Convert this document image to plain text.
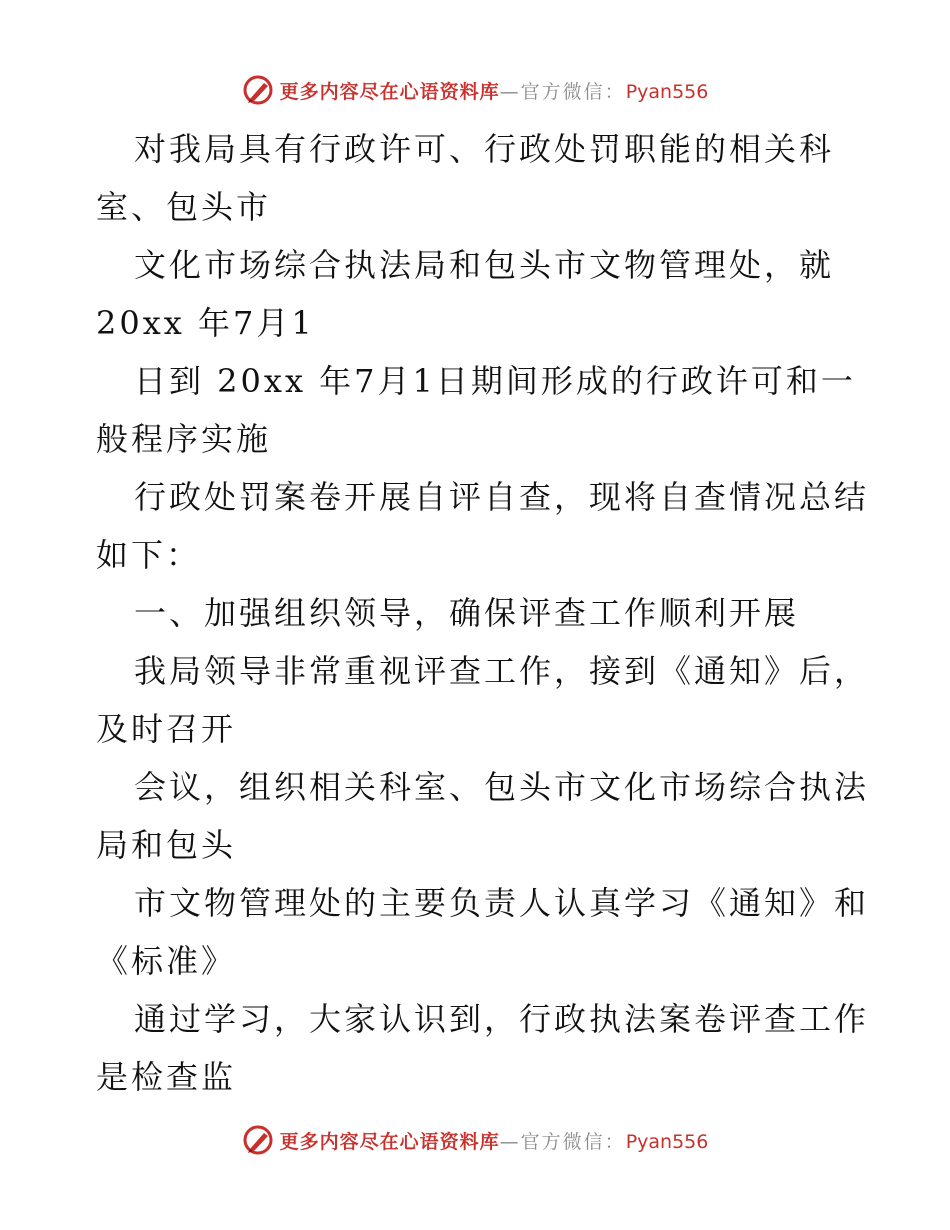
更多内容尽在心语资料库—官方微信：Pyan556
对我局具有行政许可、行政处罚职能的相关科
室、包头市
文化市场综合执法局和包头市文物管理处，就
20xx 年7月1
日到 20xx 年7月1日期间形成的行政许可和一
般程序实施
行政处罚案卷开展自评自查，现将自查情况总结
如下：
一、加强组织领导，确保评查工作顺利开展
我局领导非常重视评查工作，接到《通知》后，
及时召开
会议，组织相关科室、包头市文化市场综合执法
局和包头
市文物管理处的主要负责人认真学习《通知》和
《标准》
通过学习，大家认识到，行政执法案卷评查工作
是检查监
更多内容尽在心语资料库—官方微信：Pyan556
